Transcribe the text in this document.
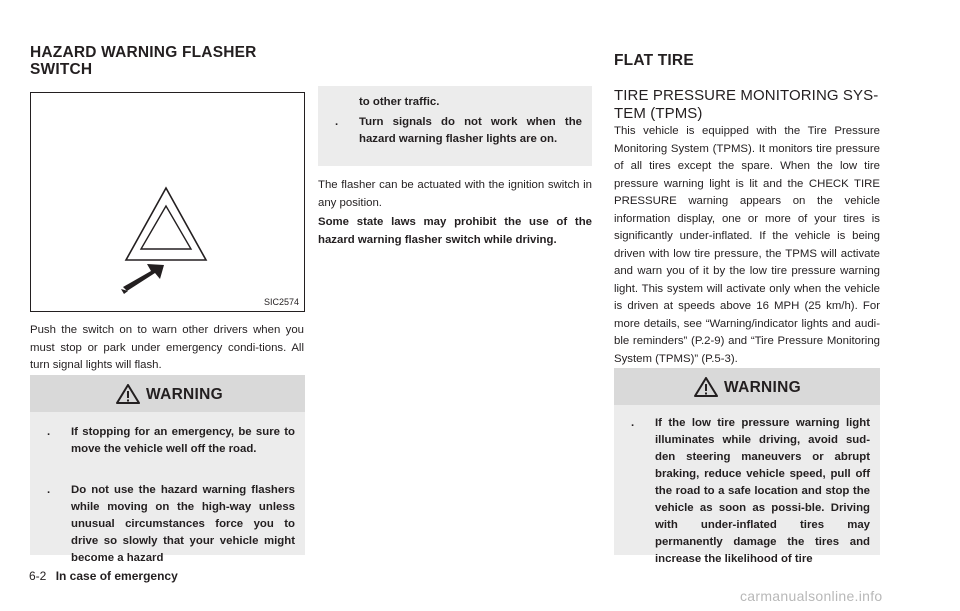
HAZARD WARNING FLASHER
SWITCH
SIC2574

Push the switch on to warn other drivers when you must stop or park under emergency condi-tions. All turn signal lights will flash.

WARNING
. If stopping for an emergency, be sure to move the vehicle well off the road.
. Do not use the hazard warning flashers while moving on the high-way unless unusual circumstances force you to drive so slowly that your vehicle might become a hazard
to other traffic.
. Turn signals do not work when the hazard warning flasher lights are on.

The flasher can be actuated with the ignition switch in any position.

Some state laws may prohibit the use of the hazard warning flasher switch while driving.

FLAT TIRE
TIRE PRESSURE MONITORING SYS-
TEM (TPMS)

This vehicle is equipped with the Tire Pressure Monitoring System (TPMS). It monitors tire pressure of all tires except the spare. When the low tire pressure warning light is lit and the CHECK TIRE PRESSURE warning appears on the vehicle information display, one or more of your tires is significantly under-inflated. If the vehicle is being driven with low tire pressure, the TPMS will activate and warn you of it by the low tire pressure warning light. This system will activate only when the vehicle is driven at speeds above 16 MPH (25 km/h). For more details, see “Warning/indicator lights and audi-ble reminders” (P.2-9) and “Tire Pressure Monitoring System (TPMS)” (P.5-3).

WARNING
. If the low tire pressure warning light illuminates while driving, avoid sud-den steering maneuvers or abrupt braking, reduce vehicle speed, pull off the road to a safe location and stop the vehicle as soon as possi-ble. Driving with under-inflated tires may permanently damage the tires and increase the likelihood of tire
6-2 In case of emergency
carmanualsonline.info
